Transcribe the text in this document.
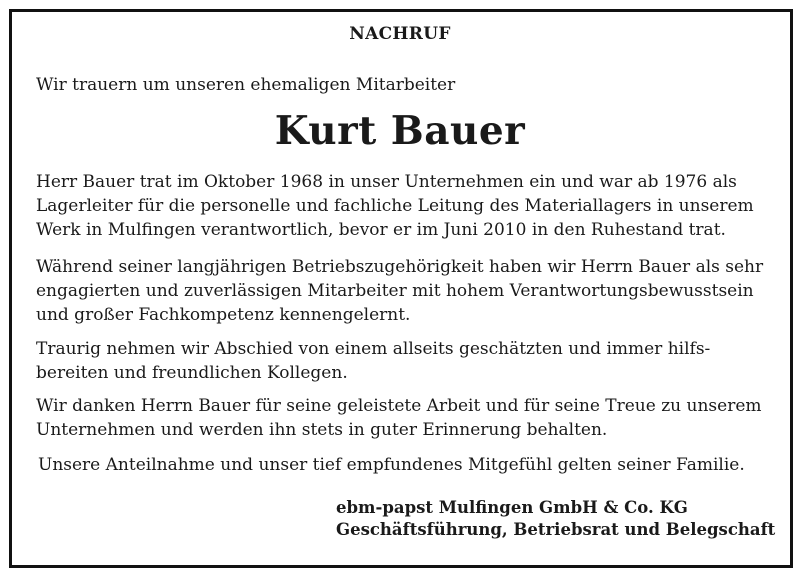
NACHRUF
Wir trauern um unseren ehemaligen Mitarbeiter
Kurt Bauer
Herr Bauer trat im Oktober 1968 in unser Unternehmen ein und war ab 1976 als
Lagerleiter für die personelle und fachliche Leitung des Materiallagers in unserem
Werk in Mulfingen verantwortlich, bevor er im Juni 2010 in den Ruhestand trat.
Während seiner langjährigen Betriebszugehörigkeit haben wir Herrn Bauer als sehr
engagierten und zuverlässigen Mitarbeiter mit hohem Verantwortungsbewusstsein
und großer Fachkompetenz kennengelernt.
Traurig nehmen wir Abschied von einem allseits geschätzten und immer hilfs-
bereiten und freundlichen Kollegen.
Wir danken Herrn Bauer für seine geleistete Arbeit und für seine Treue zu unserem
Unternehmen und werden ihn stets in guter Erinnerung behalten.
Unsere Anteilnahme und unser tief empfundenes Mitgefühl gelten seiner Familie.
ebm-papst Mulfingen GmbH & Co. KG
Geschäftsführung, Betriebsrat und Belegschaft
